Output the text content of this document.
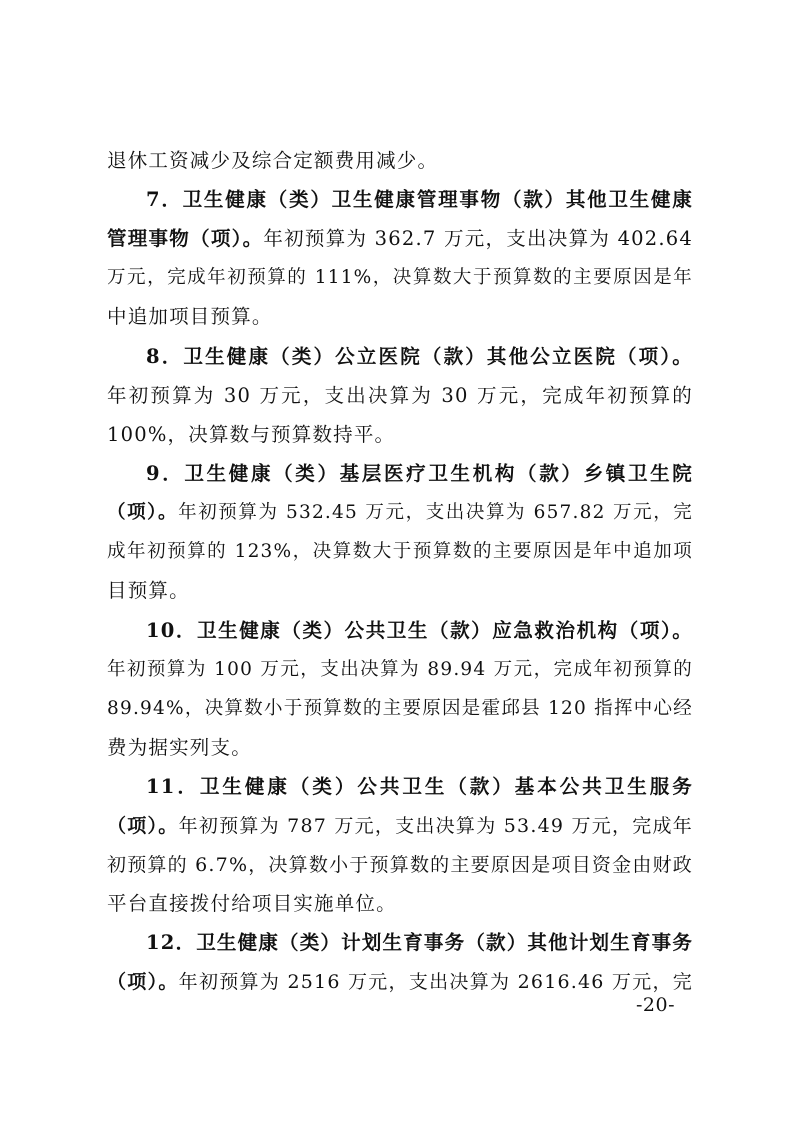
退休工资减少及综合定额费用减少。
7．卫生健康（类）卫生健康管理事物（款）其他卫生健康
管理事物（项）。年初预算为 362.7 万元，支出决算为 402.64
万元，完成年初预算的 111%，决算数大于预算数的主要原因是年
中追加项目预算。
8．卫生健康（类）公立医院（款）其他公立医院（项）。
年初预算为 30 万元，支出决算为 30 万元，完成年初预算的
100%，决算数与预算数持平。
9．卫生健康（类）基层医疗卫生机构（款）乡镇卫生院
（项）。年初预算为 532.45 万元，支出决算为 657.82 万元，完
成年初预算的 123%，决算数大于预算数的主要原因是年中追加项
目预算。
10．卫生健康（类）公共卫生（款）应急救治机构（项）。
年初预算为 100 万元，支出决算为 89.94 万元，完成年初预算的
89.94%，决算数小于预算数的主要原因是霍邱县 120 指挥中心经
费为据实列支。
11．卫生健康（类）公共卫生（款）基本公共卫生服务
（项）。年初预算为 787 万元，支出决算为 53.49 万元，完成年
初预算的 6.7%，决算数小于预算数的主要原因是项目资金由财政
平台直接拨付给项目实施单位。
12．卫生健康（类）计划生育事务（款）其他计划生育事务
（项）。年初预算为 2516 万元，支出决算为 2616.46 万元，完
-20-
